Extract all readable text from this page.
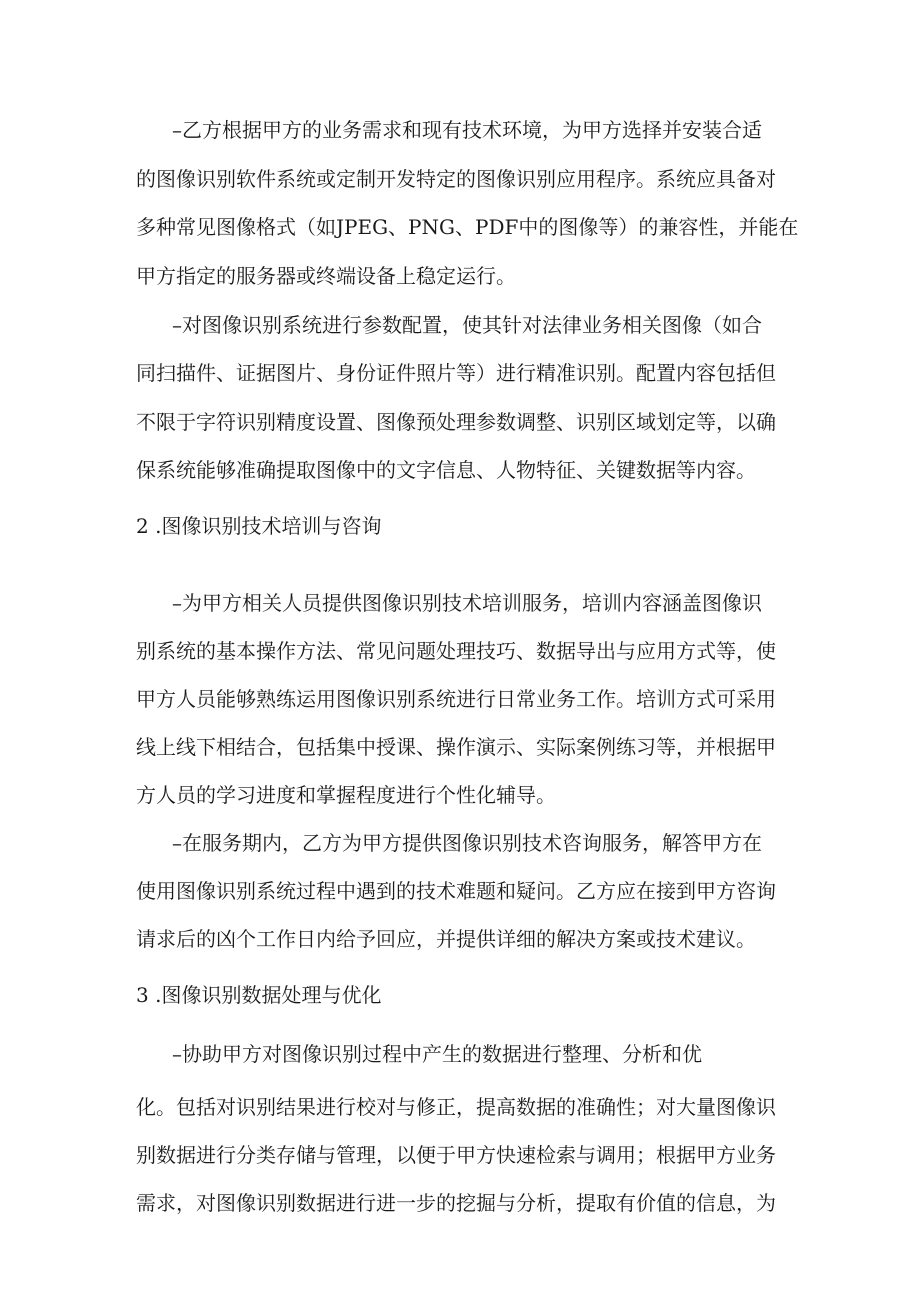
–乙方根据甲方的业务需求和现有技术环境，为甲方选择并安装合适
的图像识别软件系统或定制开发特定的图像识别应用程序。系统应具备对
多种常见图像格式（如JPEG、PNG、PDF中的图像等）的兼容性，并能在
甲方指定的服务器或终端设备上稳定运行。
–对图像识别系统进行参数配置，使其针对法律业务相关图像（如合
同扫描件、证据图片、身份证件照片等）进行精准识别。配置内容包括但
不限于字符识别精度设置、图像预处理参数调整、识别区域划定等，以确
保系统能够准确提取图像中的文字信息、人物特征、关键数据等内容。
2 .图像识别技术培训与咨询
–为甲方相关人员提供图像识别技术培训服务，培训内容涵盖图像识
别系统的基本操作方法、常见问题处理技巧、数据导出与应用方式等，使
甲方人员能够熟练运用图像识别系统进行日常业务工作。培训方式可采用
线上线下相结合，包括集中授课、操作演示、实际案例练习等，并根据甲
方人员的学习进度和掌握程度进行个性化辅导。
–在服务期内，乙方为甲方提供图像识别技术咨询服务，解答甲方在
使用图像识别系统过程中遇到的技术难题和疑问。乙方应在接到甲方咨询
请求后的凶个工作日内给予回应，并提供详细的解决方案或技术建议。
3 .图像识别数据处理与优化
–协助甲方对图像识别过程中产生的数据进行整理、分析和优
化。包括对识别结果进行校对与修正，提高数据的准确性；对大量图像识
别数据进行分类存储与管理，以便于甲方快速检索与调用；根据甲方业务
需求，对图像识别数据进行进一步的挖掘与分析，提取有价值的信息，为
